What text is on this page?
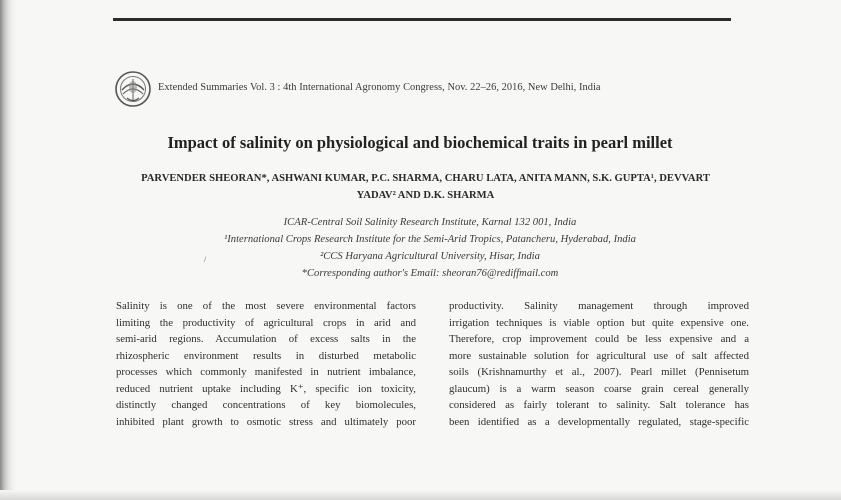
Extended Summaries Vol. 3 : 4th International Agronomy Congress, Nov. 22–26, 2016, New Delhi, India
Impact of salinity on physiological and biochemical traits in pearl millet
PARVENDER SHEORAN*, ASHWANI KUMAR, P.C. SHARMA, CHARU LATA, ANITA MANN, S.K. GUPTA¹, DEVVART
YADAV² AND D.K. SHARMA
ICAR-Central Soil Salinity Research Institute, Karnal 132 001, India
¹International Crops Research Institute for the Semi-Arid Tropics, Patancheru, Hyderabad, India
²CCS Haryana Agricultural University, Hisar, India
*Corresponding author's Email: sheoran76@rediffmail.com
/
Salinity is one of the most severe environmental factors
limiting the productivity of agricultural crops in arid and
semi-arid regions. Accumulation of excess salts in the
rhizospheric environment results in disturbed metabolic
processes which commonly manifested in nutrient imbalance,
reduced nutrient uptake including K⁺, specific ion toxicity,
distinctly changed concentrations of key biomolecules,
inhibited plant growth to osmotic stress and ultimately poor
productivity. Salinity management through improved
irrigation techniques is viable option but quite expensive one.
Therefore, crop improvement could be less expensive and a
more sustainable solution for agricultural use of salt affected
soils (Krishnamurthy et al., 2007). Pearl millet (Pennisetum
glaucum) is a warm season coarse grain cereal generally
considered as fairly tolerant to salinity. Salt tolerance has
been identified as a developmentally regulated, stage-specific
